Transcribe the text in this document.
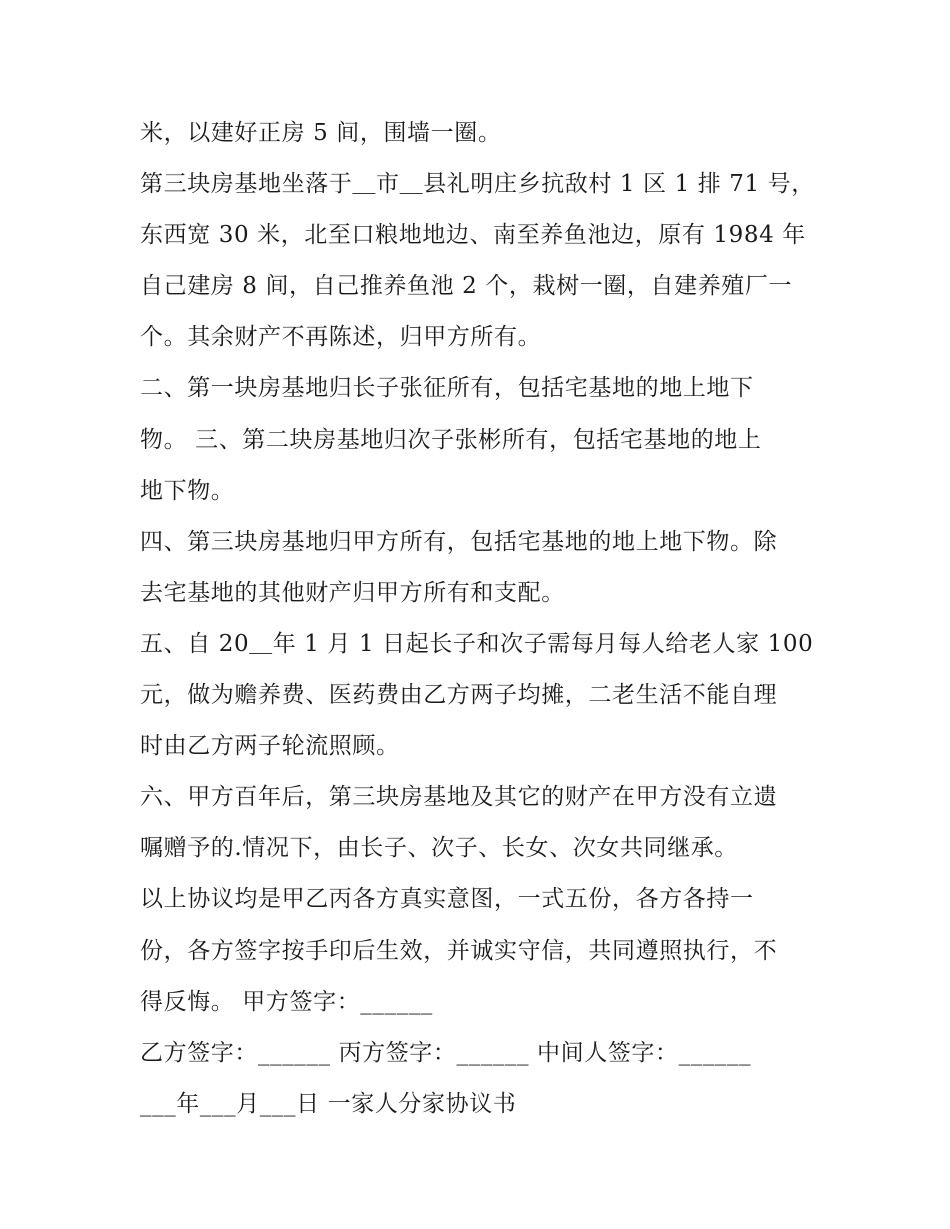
米，以建好正房 5 间，围墙一圈。
第三块房基地坐落于＿市＿县礼明庄乡抗敌村 1 区 1 排 71 号，
东西宽 30 米，北至口粮地地边、南至养鱼池边，原有 1984 年
自己建房 8 间，自己推养鱼池 2 个，栽树一圈，自建养殖厂一
个。其余财产不再陈述，归甲方所有。
二、第一块房基地归长子张征所有，包括宅基地的地上地下
物。 三、第二块房基地归次子张彬所有，包括宅基地的地上
地下物。
四、第三块房基地归甲方所有，包括宅基地的地上地下物。除
去宅基地的其他财产归甲方所有和支配。
五、自 20＿年 1 月 1 日起长子和次子需每月每人给老人家 100
元，做为赡养费、医药费由乙方两子均摊，二老生活不能自理
时由乙方两子轮流照顾。
六、甲方百年后，第三块房基地及其它的财产在甲方没有立遗
嘱赠予的.情况下，由长子、次子、长女、次女共同继承。
以上协议均是甲乙丙各方真实意图，一式五份，各方各持一
份，各方签字按手印后生效，并诚实守信，共同遵照执行，不
得反悔。 甲方签字：______
乙方签字：______ 丙方签字：______ 中间人签字：______
___年___月___日 一家人分家协议书
